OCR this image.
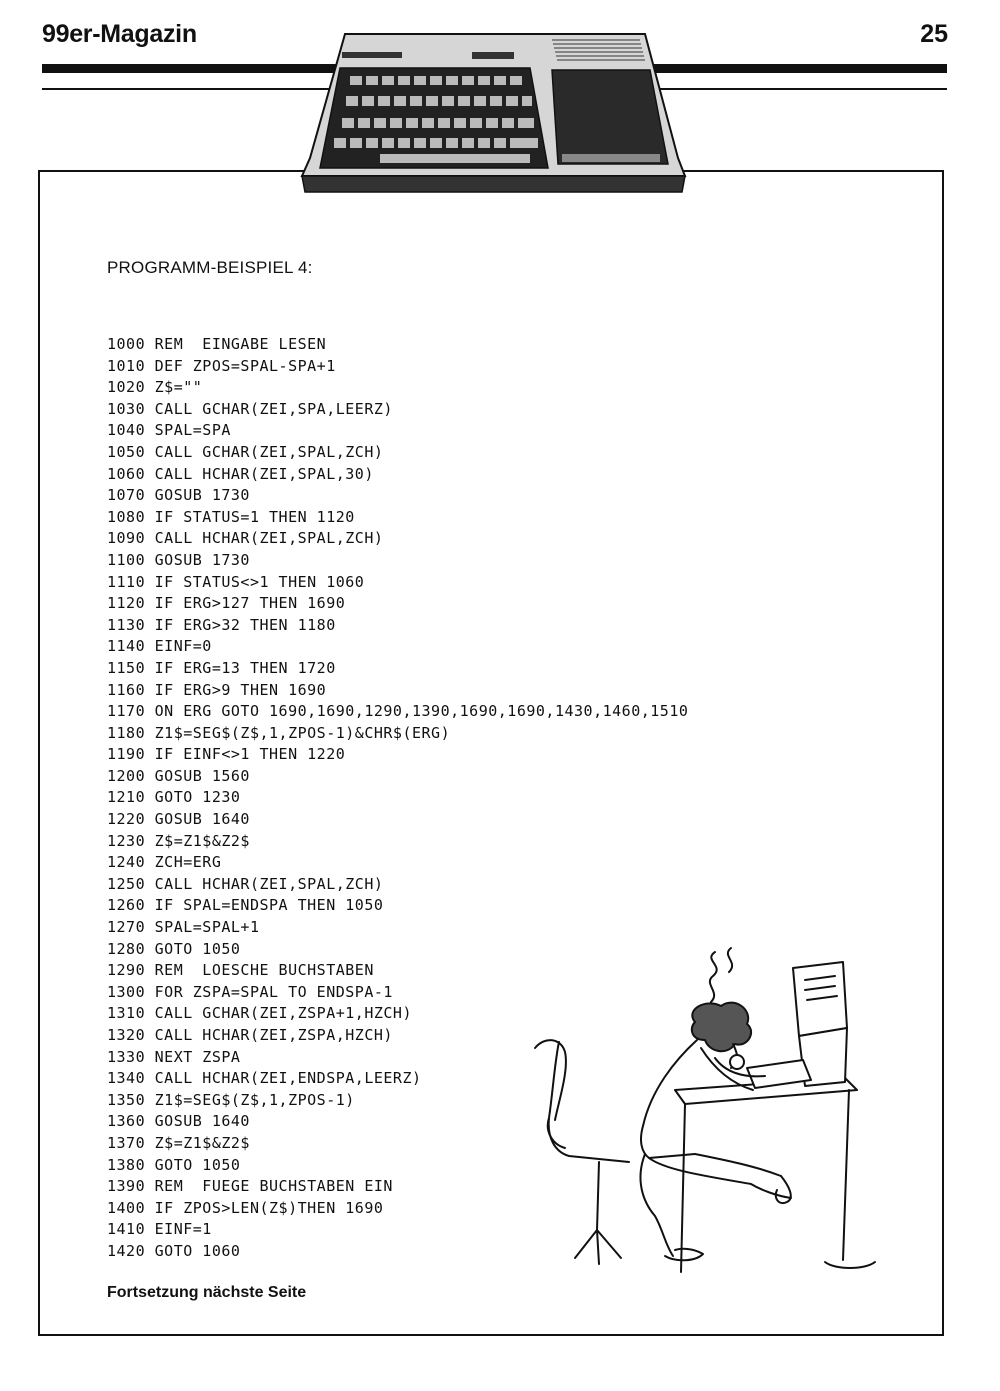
99er-Magazin	25
PROGRAMM-BEISPIEL 4:
1000 REM  EINGABE LESEN
1010 DEF ZPOS=SPAL-SPA+1
1020 Z$=""
1030 CALL GCHAR(ZEI,SPA,LEERZ)
1040 SPAL=SPA
1050 CALL GCHAR(ZEI,SPAL,ZCH)
1060 CALL HCHAR(ZEI,SPAL,30)
1070 GOSUB 1730
1080 IF STATUS=1 THEN 1120
1090 CALL HCHAR(ZEI,SPAL,ZCH)
1100 GOSUB 1730
1110 IF STATUS<>1 THEN 1060
1120 IF ERG>127 THEN 1690
1130 IF ERG>32 THEN 1180
1140 EINF=0
1150 IF ERG=13 THEN 1720
1160 IF ERG>9 THEN 1690
1170 ON ERG GOTO 1690,1690,1290,1390,1690,1690,1430,1460,1510
1180 Z1$=SEG$(Z$,1,ZPOS-1)&CHR$(ERG)
1190 IF EINF<>1 THEN 1220
1200 GOSUB 1560
1210 GOTO 1230
1220 GOSUB 1640
1230 Z$=Z1$&Z2$
1240 ZCH=ERG
1250 CALL HCHAR(ZEI,SPAL,ZCH)
1260 IF SPAL=ENDSPA THEN 1050
1270 SPAL=SPAL+1
1280 GOTO 1050
1290 REM  LOESCHE BUCHSTABEN
1300 FOR ZSPA=SPAL TO ENDSPA-1
1310 CALL GCHAR(ZEI,ZSPA+1,HZCH)
1320 CALL HCHAR(ZEI,ZSPA,HZCH)
1330 NEXT ZSPA
1340 CALL HCHAR(ZEI,ENDSPA,LEERZ)
1350 Z1$=SEG$(Z$,1,ZPOS-1)
1360 GOSUB 1640
1370 Z$=Z1$&Z2$
1380 GOTO 1050
1390 REM  FUEGE BUCHSTABEN EIN
1400 IF ZPOS>LEN(Z$)THEN 1690
1410 EINF=1
1420 GOTO 1060
Fortsetzung nächste Seite
